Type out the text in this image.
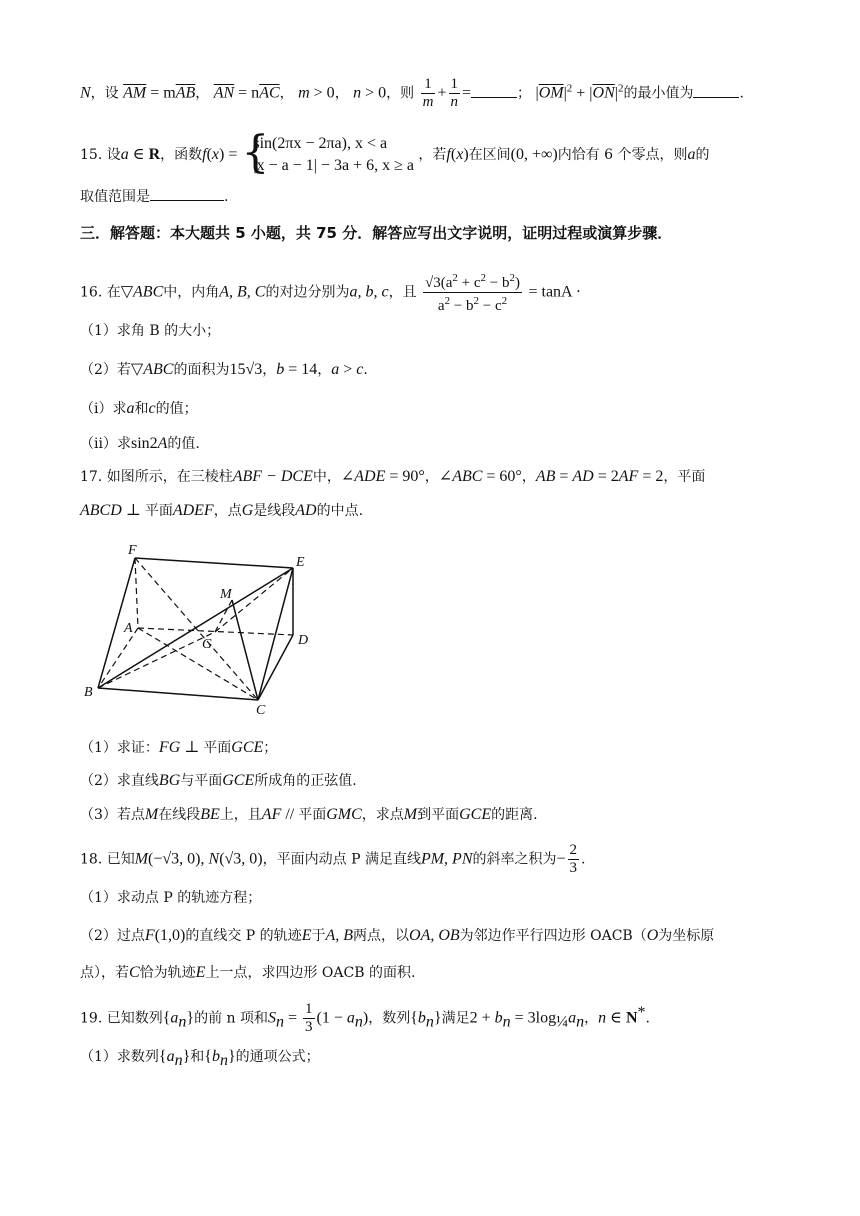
N，设 $\overline{AM} = m\overline{AB}$， $\overline{AN} = n\overline{AC}$， m > 0， n > 0，则 $\frac{1}{m} + \frac{1}{n}$ =	； $|\overline{OM}|^2 + |\overline{ON}|^2$的最小值为	.
15. 设a ∈ R，函数f(x) = {
sin(2πx − 2πa), x < a
|x − a − 1| − 3a + 6, x ≥ a
，若f(x)在区间(0, +∞)内恰有 6 个零点，则a的
取值范围是	.
三．解答题：本大题共 5 小题，共 75 分．解答应写出文字说明，证明过程或演算步骤．
16. 在▽ABC中，内角A, B, C的对边分别为a, b, c，且 $\frac{√3(a^2 + c^2 - b^2)}{a^2 - b^2 - c^2} = \tan A$ ·
（1）求角 B 的大小；
（2）若▽ABC的面积为15√3，b = 14，a > c.
（ⅰ）求a和c的值；
（ⅱ）求sin2A的值.
17. 如图所示，在三棱柱ABF − DCE中，∠ADE = 90°，∠ABC = 60°，AB = AD = 2AF = 2，平面
ABCD ⊥ 平面ADEF，点G是线段AD的中点.
F
E
M
A
G	D
B
C
（1）求证：FG ⊥ 平面GCE；
（2）求直线BG与平面GCE所成角的正弦值.
（3）若点M在线段BE上，且AF // 平面GMC，求点M到平面GCE的距离.
18. 已知M(−√3, 0), N(√3, 0)，平面内动点 P 满足直线PM, PN的斜率之积为− $\frac{2}{3}$ .
（1）求动点 P 的轨迹方程；
（2）过点F(1,0)的直线交 P 的轨迹E于A, B两点，以OA, OB为邻边作平行四边形 OACB（O为坐标原
点），若C恰为轨迹E上一点，求四边形 OACB 的面积.
19. 已知数列$\{a_n\}$的前 n 项和$S_n = \frac{1}{3} (1 - a_n)$，数列$\{b_n\}$满足$2 + b_n = 3\log_{\frac{1}{4}}a_n$，n ∈ N*.
（1）求数列$\{a_n\}$和$\{b_n\}$的通项公式；
